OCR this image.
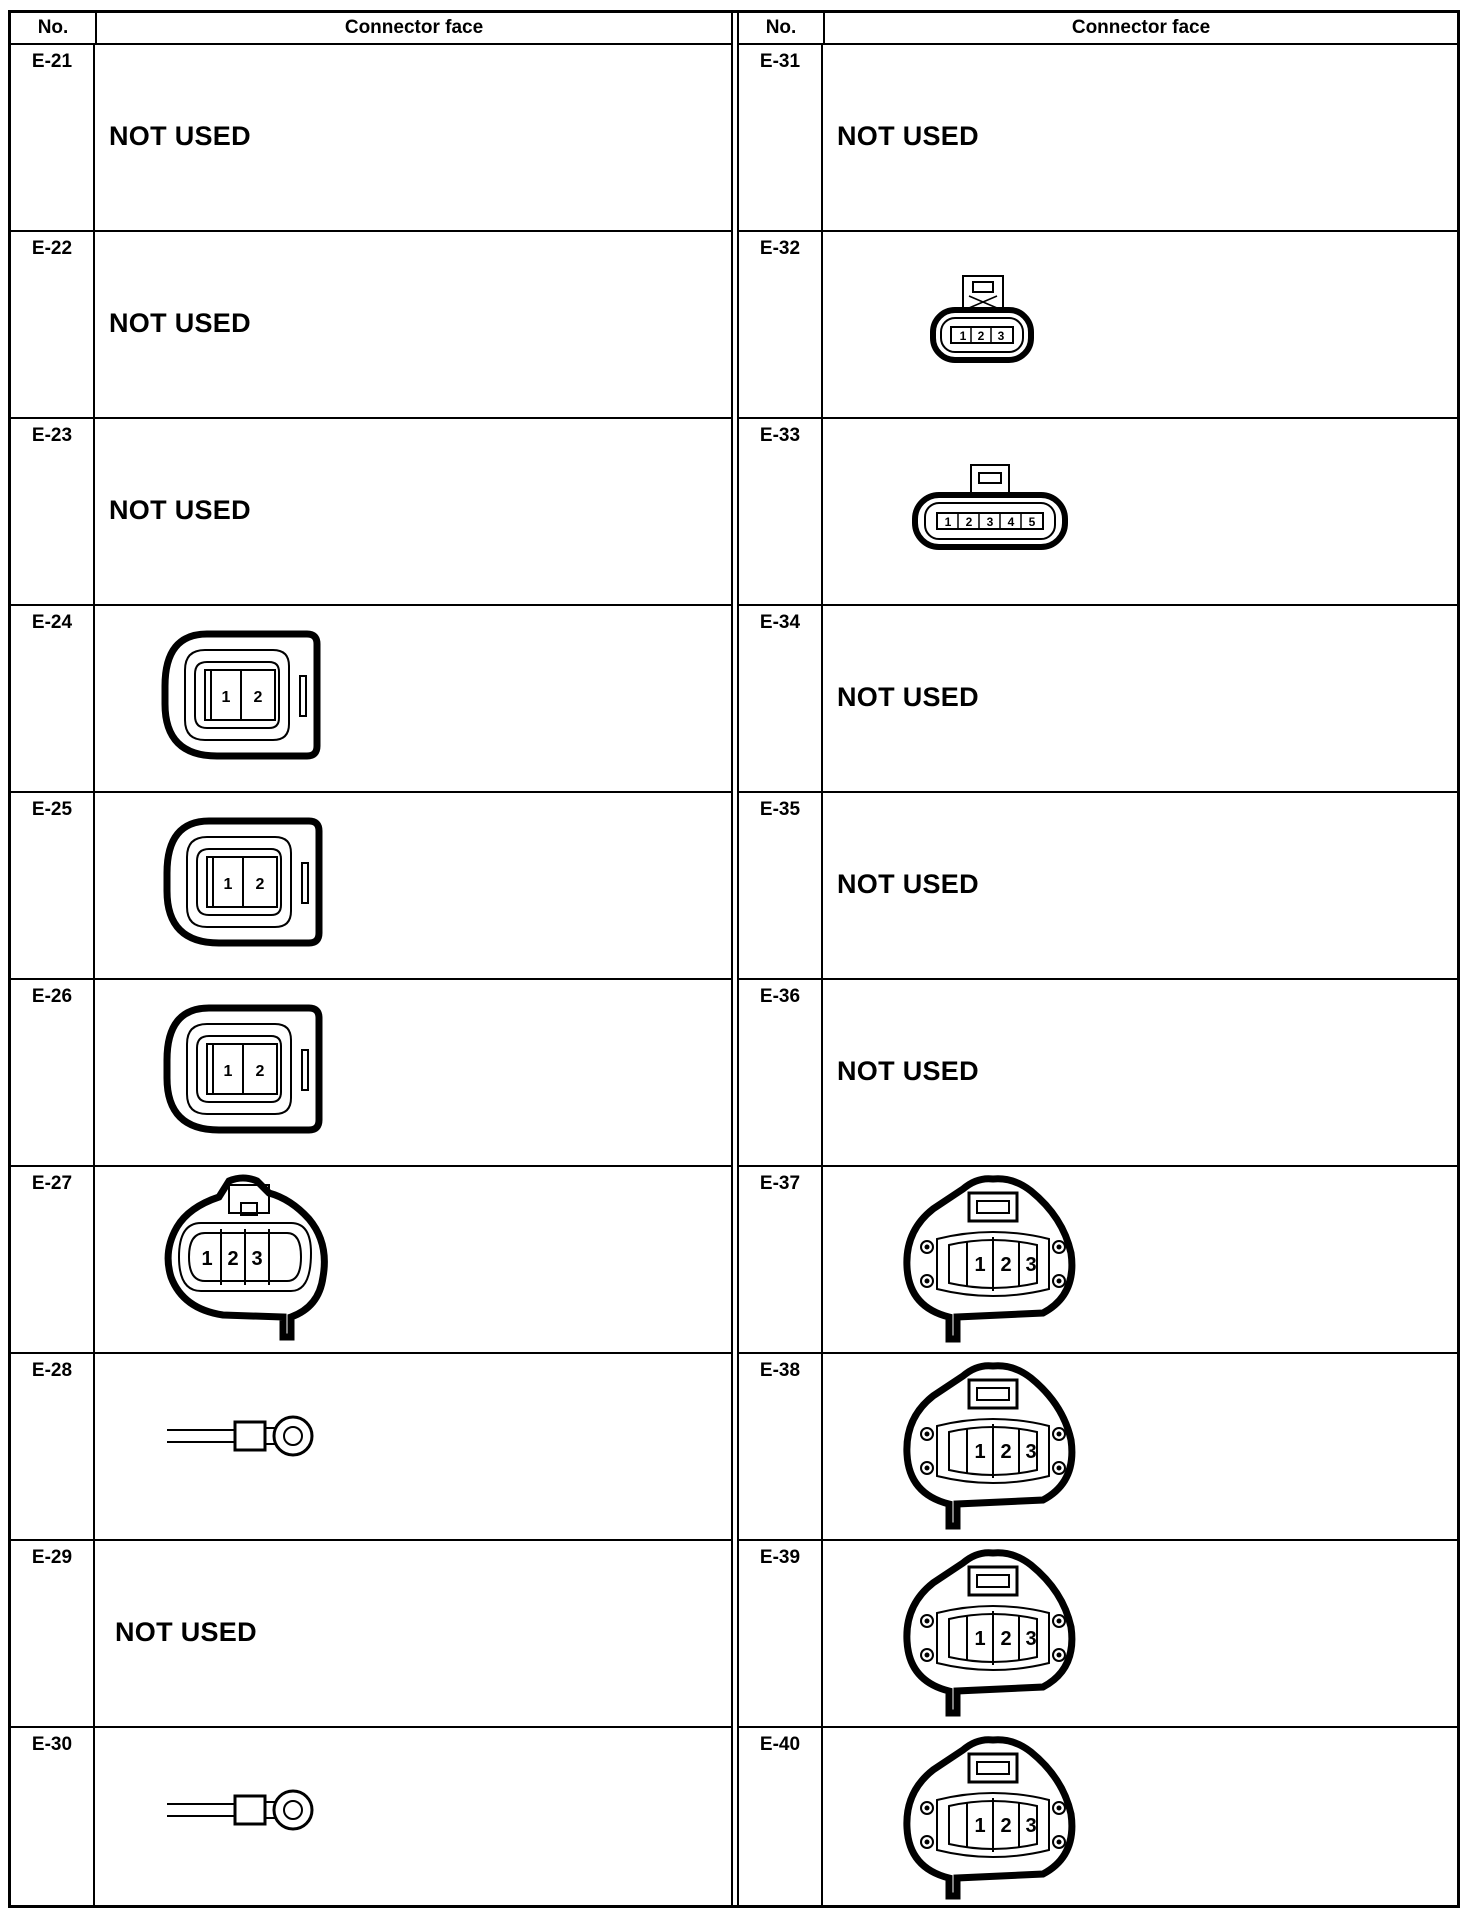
No.	Connector face
E-21
NOT USED
E-22
NOT USED
E-23
NOT USED
E-24
1 2
E-25
1 2
E-26
1 2
E-27
1 2 3
E-28
E-29
NOT USED
E-30
No.	Connector face
E-31
NOT USED
E-32
1 2 3
E-33
1 2 3 4 5
E-34
NOT USED
E-35
NOT USED
E-36
NOT USED
E-37
1 2 3
E-38
1 2 3
E-39
1 2 3
E-40
1 2 3
